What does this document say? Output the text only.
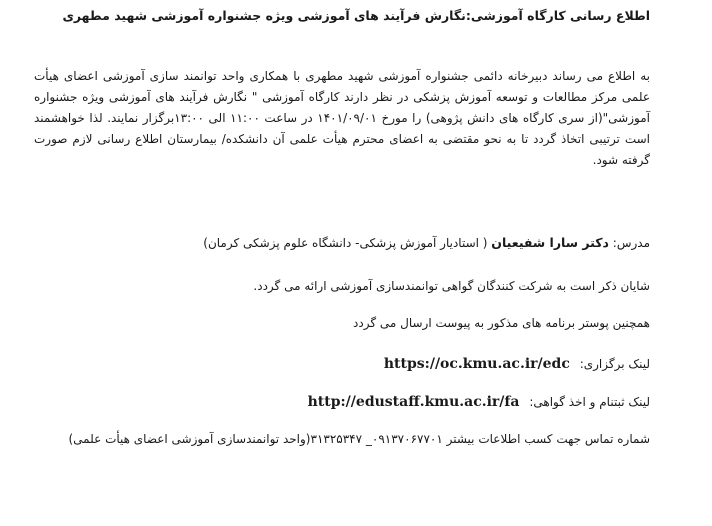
اطلاع رسانی کارگاه آموزشی:نگارش فرآیند های آموزشی ویژه جشنواره آموزشی شهید مطهری
به اطلاع می رساند دبیرخانه دائمی جشنواره آموزشی شهید مطهری با همکاری واحد توانمند سازی آموزشی اعضای هیأت علمی مرکز مطالعات و توسعه آموزش پزشکی در نظر دارند کارگاه آموزشی " نگارش فرآیند های آموزشی ویژه جشنواره آموزشی"(از سری کارگاه های دانش پژوهی) را مورخ ۱۴۰۱/۰۹/۰۱ در ساعت ۱۱:۰۰ الی ۱۳:۰۰برگزار نمایند. لذا خواهشمند است ترتیبی اتخاذ گردد تا به نحو مقتضی به اعضای محترم هیأت علمی آن دانشکده/ بیمارستان اطلاع رسانی لازم صورت گرفته شود.
مدرس: دکتر سارا شفیعیان ( استادیار آموزش پزشکی- دانشگاه علوم پزشکی کرمان)
شایان ذکر است به شرکت کنندگان گواهی توانمندسازی آموزشی ارائه می گردد.
همچنین پوستر برنامه های مذکور به پیوست ارسال می گردد
لینک برگزاری: https://oc.kmu.ac.ir/edc
لینک ثبتنام و اخذ گواهی: http://edustaff.kmu.ac.ir/fa
شماره تماس جهت کسب اطلاعات بیشتر ۰۹۱۳۷۰۶۷۷۰۱_ ۳۱۳۲۵۳۴۷(واحد توانمندسازی آموزشی اعضای هیأت علمی)
